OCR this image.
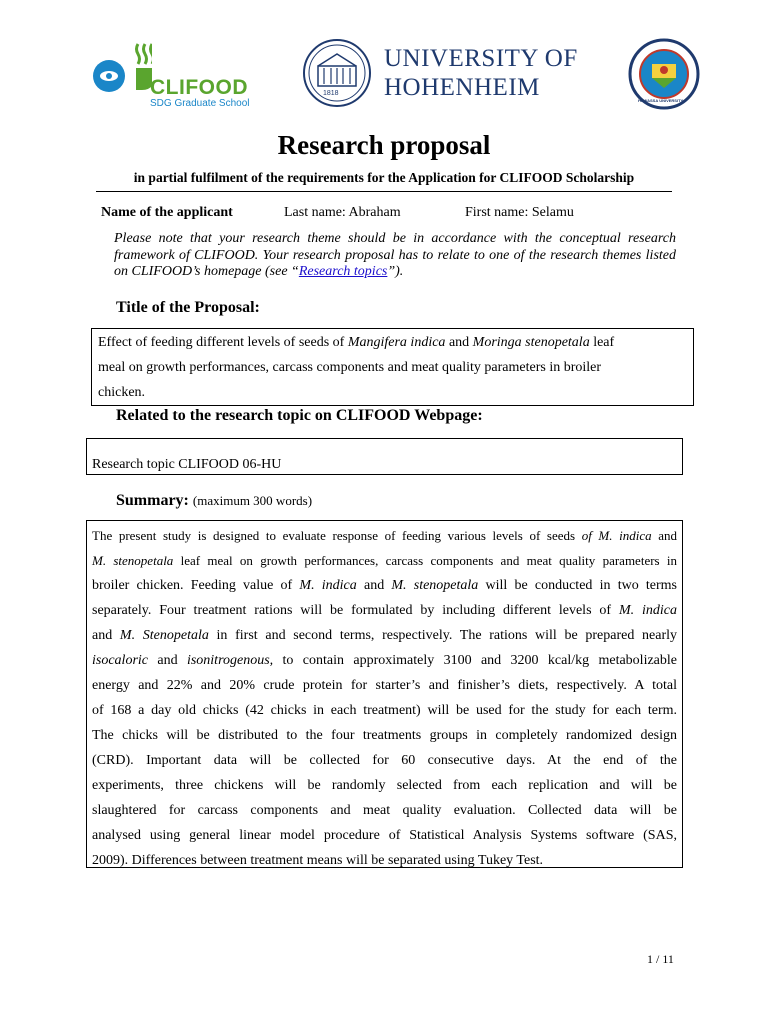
CLIFOOD
SDG Graduate School
1818
UNIVERSITY OF
HOHENHEIM	HAWASSA UNIVERSITY
Research proposal
in partial fulfilment of the requirements for the Application for CLIFOOD Scholarship
Name of the applicant	Last name: Abraham	First name: Selamu
Please note that your research theme should be in accordance with the conceptual research framework of CLIFOOD. Your research proposal has to relate to one of the research themes listed on CLIFOOD’s homepage (see “Research topics”).
Title of the Proposal:
Effect of feeding different levels of seeds of Mangifera indica and Moringa stenopetala leaf
meal on growth performances, carcass components and meat quality parameters in broiler
chicken.
Related to the research topic on CLIFOOD Webpage:
Research topic CLIFOOD 06-HU
Summary: (maximum 300 words)
The present study is designed to evaluate response of feeding various levels of seeds of M. indica and
M. stenopetala leaf meal on growth performances, carcass components and meat quality parameters in
broiler chicken. Feeding value of M. indica and M. stenopetala will be conducted in two terms
separately. Four treatment rations will be formulated by including different levels of M. indica
and M. Stenopetala in first and second terms, respectively. The rations will be prepared nearly
isocaloric and isonitrogenous, to contain approximately 3100 and 3200 kcal/kg metabolizable
energy and 22% and 20% crude protein for starter’s and finisher’s diets, respectively. A total
of 168 a day old chicks (42 chicks in each treatment) will be used for the study for each term.
The chicks will be distributed to the four treatments groups in completely randomized design
(CRD). Important data will be collected for 60 consecutive days. At the end of the
experiments, three chickens will be randomly selected from each replication and will be
slaughtered for carcass components and meat quality evaluation. Collected data will be
analysed using general linear model procedure of Statistical Analysis Systems software (SAS,
2009). Differences between treatment means will be separated using Tukey Test.
1 / 11
